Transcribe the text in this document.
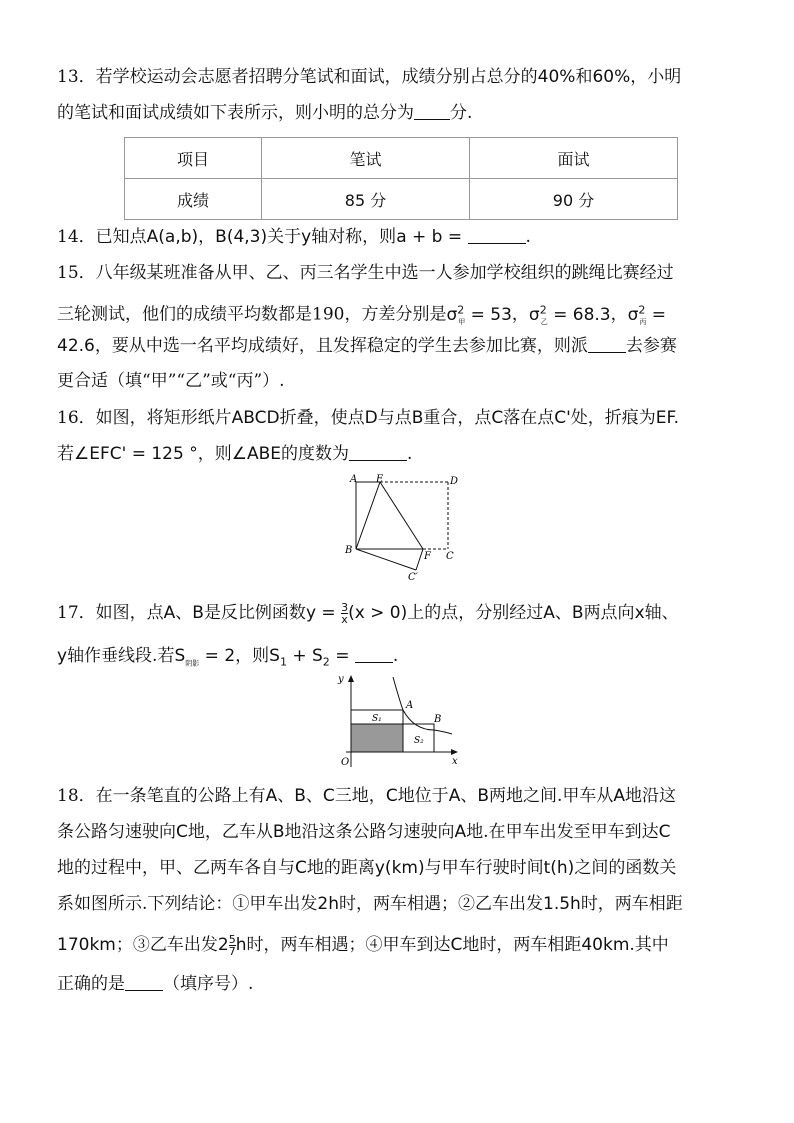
13．若学校运动会志愿者招聘分笔试和面试，成绩分别占总分的40%和60%，小明
的笔试和面试成绩如下表所示，则小明的总分为 分.
项目	笔试	面试
成绩	85 分	90 分
14．已知点A(a,b)，B(4,3)关于y轴对称，则a + b =	.
15．八年级某班准备从甲、乙、丙三名学生中选一人参加学校组织的跳绳比赛经过
三轮测试，他们的成绩平均数都是190，方差分别是$\sigma^2_甲 = 53$，$\sigma^2_乙 = 68.3$，$\sigma^2_丙$ =
42.6，要从中选一名平均成绩好，且发挥稳定的学生去参加比赛，则派 去参赛
更合适（填“甲”“乙”或“丙”）.
16．如图，将矩形纸片ABCD折叠，使点D与点B重合，点C落在点C'处，折痕为EF.
若∠EFC' = 125 °，则∠ABE的度数为	.
A E	D
B
F C
C′
17．如图，点A、B是反比例函数$y = \frac{3}{x} (x > 0)$上的点，分别经过A、B两点向x轴、
y轴作垂线段.若$S_{阴影} = 2$，则$S_1 + S_2$ =	.
y
x
O
A
B
S₁
S₂
18．在一条笔直的公路上有A、B、C三地，C地位于A、B两地之间.甲车从A地沿这
条公路匀速驶向C地，乙车从B地沿这条公路匀速驶向A地.在甲车出发至甲车到达C
地的过程中，甲、乙两车各自与C地的距离y(km)与甲车行驶时间t(h)之间的函数关
系如图所示.下列结论：①甲车出发2h时，两车相遇；②乙车出发1.5h时，两车相距
170km；③乙车出发$2 \frac{5}{7}$ h时，两车相遇；④甲车到达C地时，两车相距40km.其中
正确的是 （填序号）.
